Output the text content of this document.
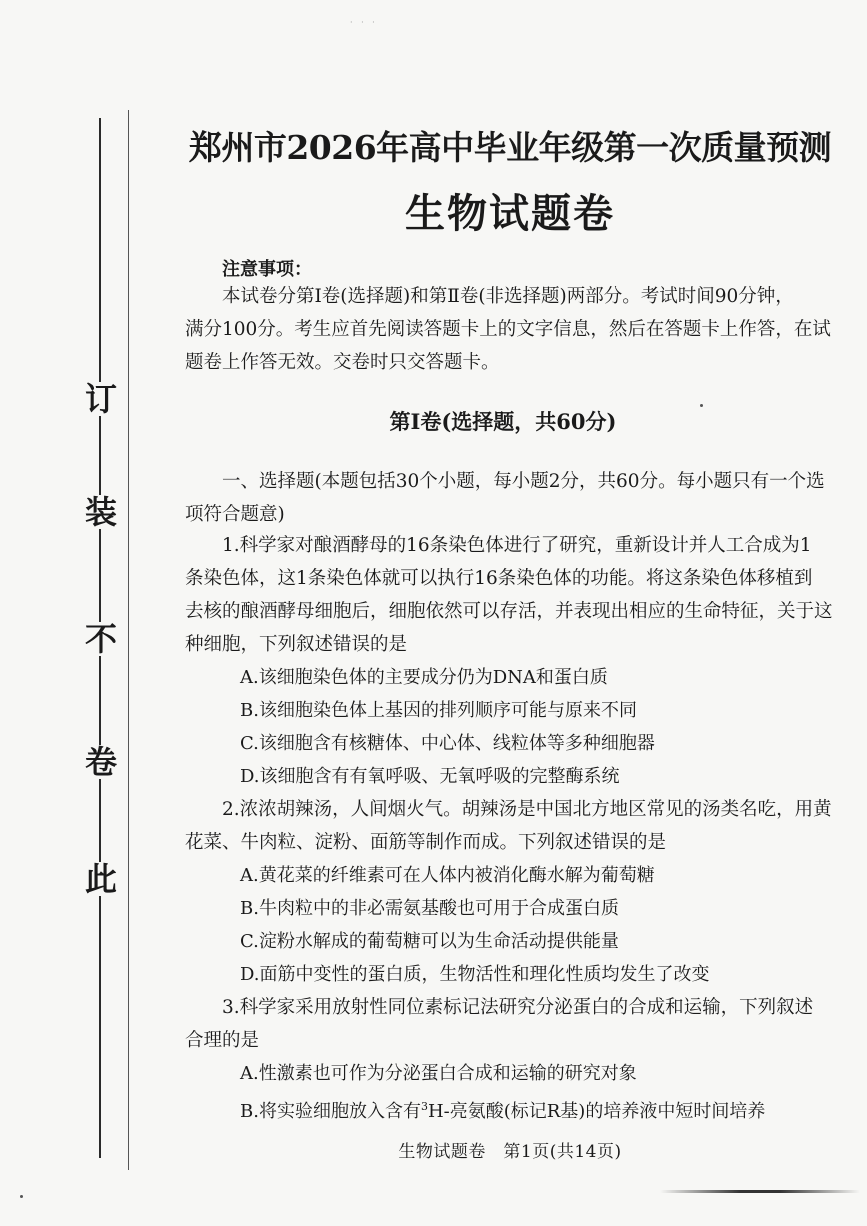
· · ·
订
装
不
卷
此
郑州市2026年高中毕业年级第一次质量预测
生物试题卷
注意事项：
本试卷分第Ⅰ卷(选择题)和第Ⅱ卷(非选择题)两部分。考试时间90分钟，
满分100分。考生应首先阅读答题卡上的文字信息，然后在答题卡上作答，在试
题卷上作答无效。交卷时只交答题卡。
第Ⅰ卷(选择题，共60分)
一、选择题(本题包括30个小题，每小题2分，共60分。每小题只有一个选
项符合题意)
1.科学家对酿酒酵母的16条染色体进行了研究，重新设计并人工合成为1
条染色体，这1条染色体就可以执行16条染色体的功能。将这条染色体移植到
去核的酿酒酵母细胞后，细胞依然可以存活，并表现出相应的生命特征，关于这
种细胞，下列叙述错误的是
A.该细胞染色体的主要成分仍为DNA和蛋白质
B.该细胞染色体上基因的排列顺序可能与原来不同
C.该细胞含有核糖体、中心体、线粒体等多种细胞器
D.该细胞含有有氧呼吸、无氧呼吸的完整酶系统
2.浓浓胡辣汤，人间烟火气。胡辣汤是中国北方地区常见的汤类名吃，用黄
花菜、牛肉粒、淀粉、面筋等制作而成。下列叙述错误的是
A.黄花菜的纤维素可在人体内被消化酶水解为葡萄糖
B.牛肉粒中的非必需氨基酸也可用于合成蛋白质
C.淀粉水解成的葡萄糖可以为生命活动提供能量
D.面筋中变性的蛋白质，生物活性和理化性质均发生了改变
3.科学家采用放射性同位素标记法研究分泌蛋白的合成和运输，下列叙述
合理的是
A.性激素也可作为分泌蛋白合成和运输的研究对象
B.将实验细胞放入含有$^3$H-亮氨酸(标记R基)的培养液中短时间培养
生物试题卷　第1页(共14页)
